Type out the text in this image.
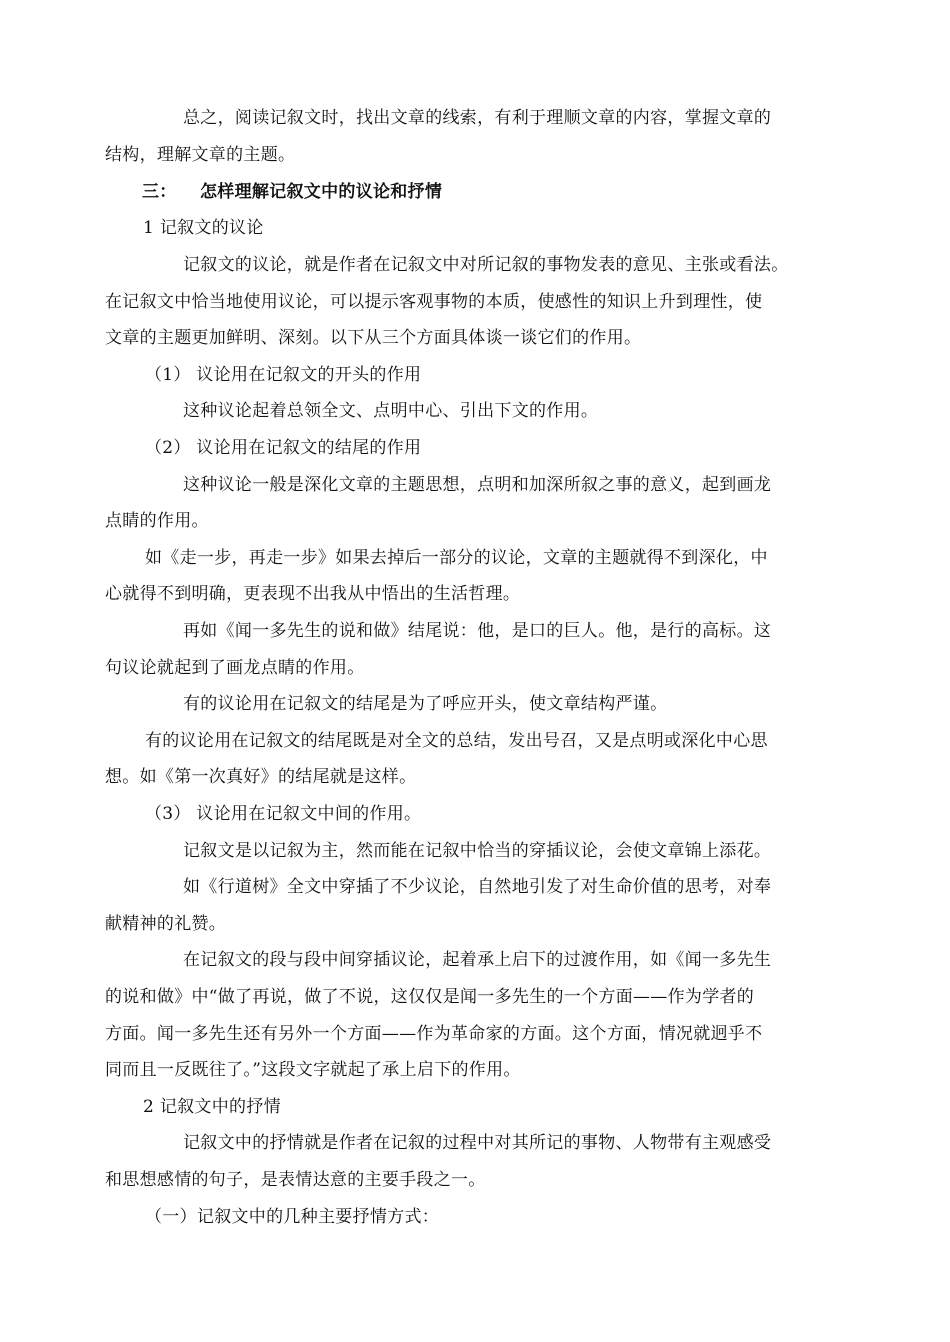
总之，阅读记叙文时，找出文章的线索，有利于理顺文章的内容，掌握文章的
结构，理解文章的主题。
三： 怎样理解记叙文中的议论和抒情
1 记叙文的议论
记叙文的议论，就是作者在记叙文中对所记叙的事物发表的意见、主张或看法。
在记叙文中恰当地使用议论，可以提示客观事物的本质，使感性的知识上升到理性，使
文章的主题更加鲜明、深刻。以下从三个方面具体谈一谈它们的作用。
（1） 议论用在记叙文的开头的作用
这种议论起着总领全文、点明中心、引出下文的作用。
（2） 议论用在记叙文的结尾的作用
这种议论一般是深化文章的主题思想，点明和加深所叙之事的意义，起到画龙
点睛的作用。
如《走一步，再走一步》如果去掉后一部分的议论，文章的主题就得不到深化，中
心就得不到明确，更表现不出我从中悟出的生活哲理。
再如《闻一多先生的说和做》结尾说：他，是口的巨人。他，是行的高标。这
句议论就起到了画龙点睛的作用。
有的议论用在记叙文的结尾是为了呼应开头，使文章结构严谨。
有的议论用在记叙文的结尾既是对全文的总结，发出号召，又是点明或深化中心思
想。如《第一次真好》的结尾就是这样。
（3） 议论用在记叙文中间的作用。
记叙文是以记叙为主，然而能在记叙中恰当的穿插议论，会使文章锦上添花。
如《行道树》全文中穿插了不少议论，自然地引发了对生命价值的思考，对奉
献精神的礼赞。
在记叙文的段与段中间穿插议论，起着承上启下的过渡作用，如《闻一多先生
的说和做》中“做了再说，做了不说，这仅仅是闻一多先生的一个方面——作为学者的
方面。闻一多先生还有另外一个方面——作为革命家的方面。这个方面，情况就迥乎不
同而且一反既往了。”这段文字就起了承上启下的作用。
2 记叙文中的抒情
记叙文中的抒情就是作者在记叙的过程中对其所记的事物、人物带有主观感受
和思想感情的句子，是表情达意的主要手段之一。
（一）记叙文中的几种主要抒情方式：
